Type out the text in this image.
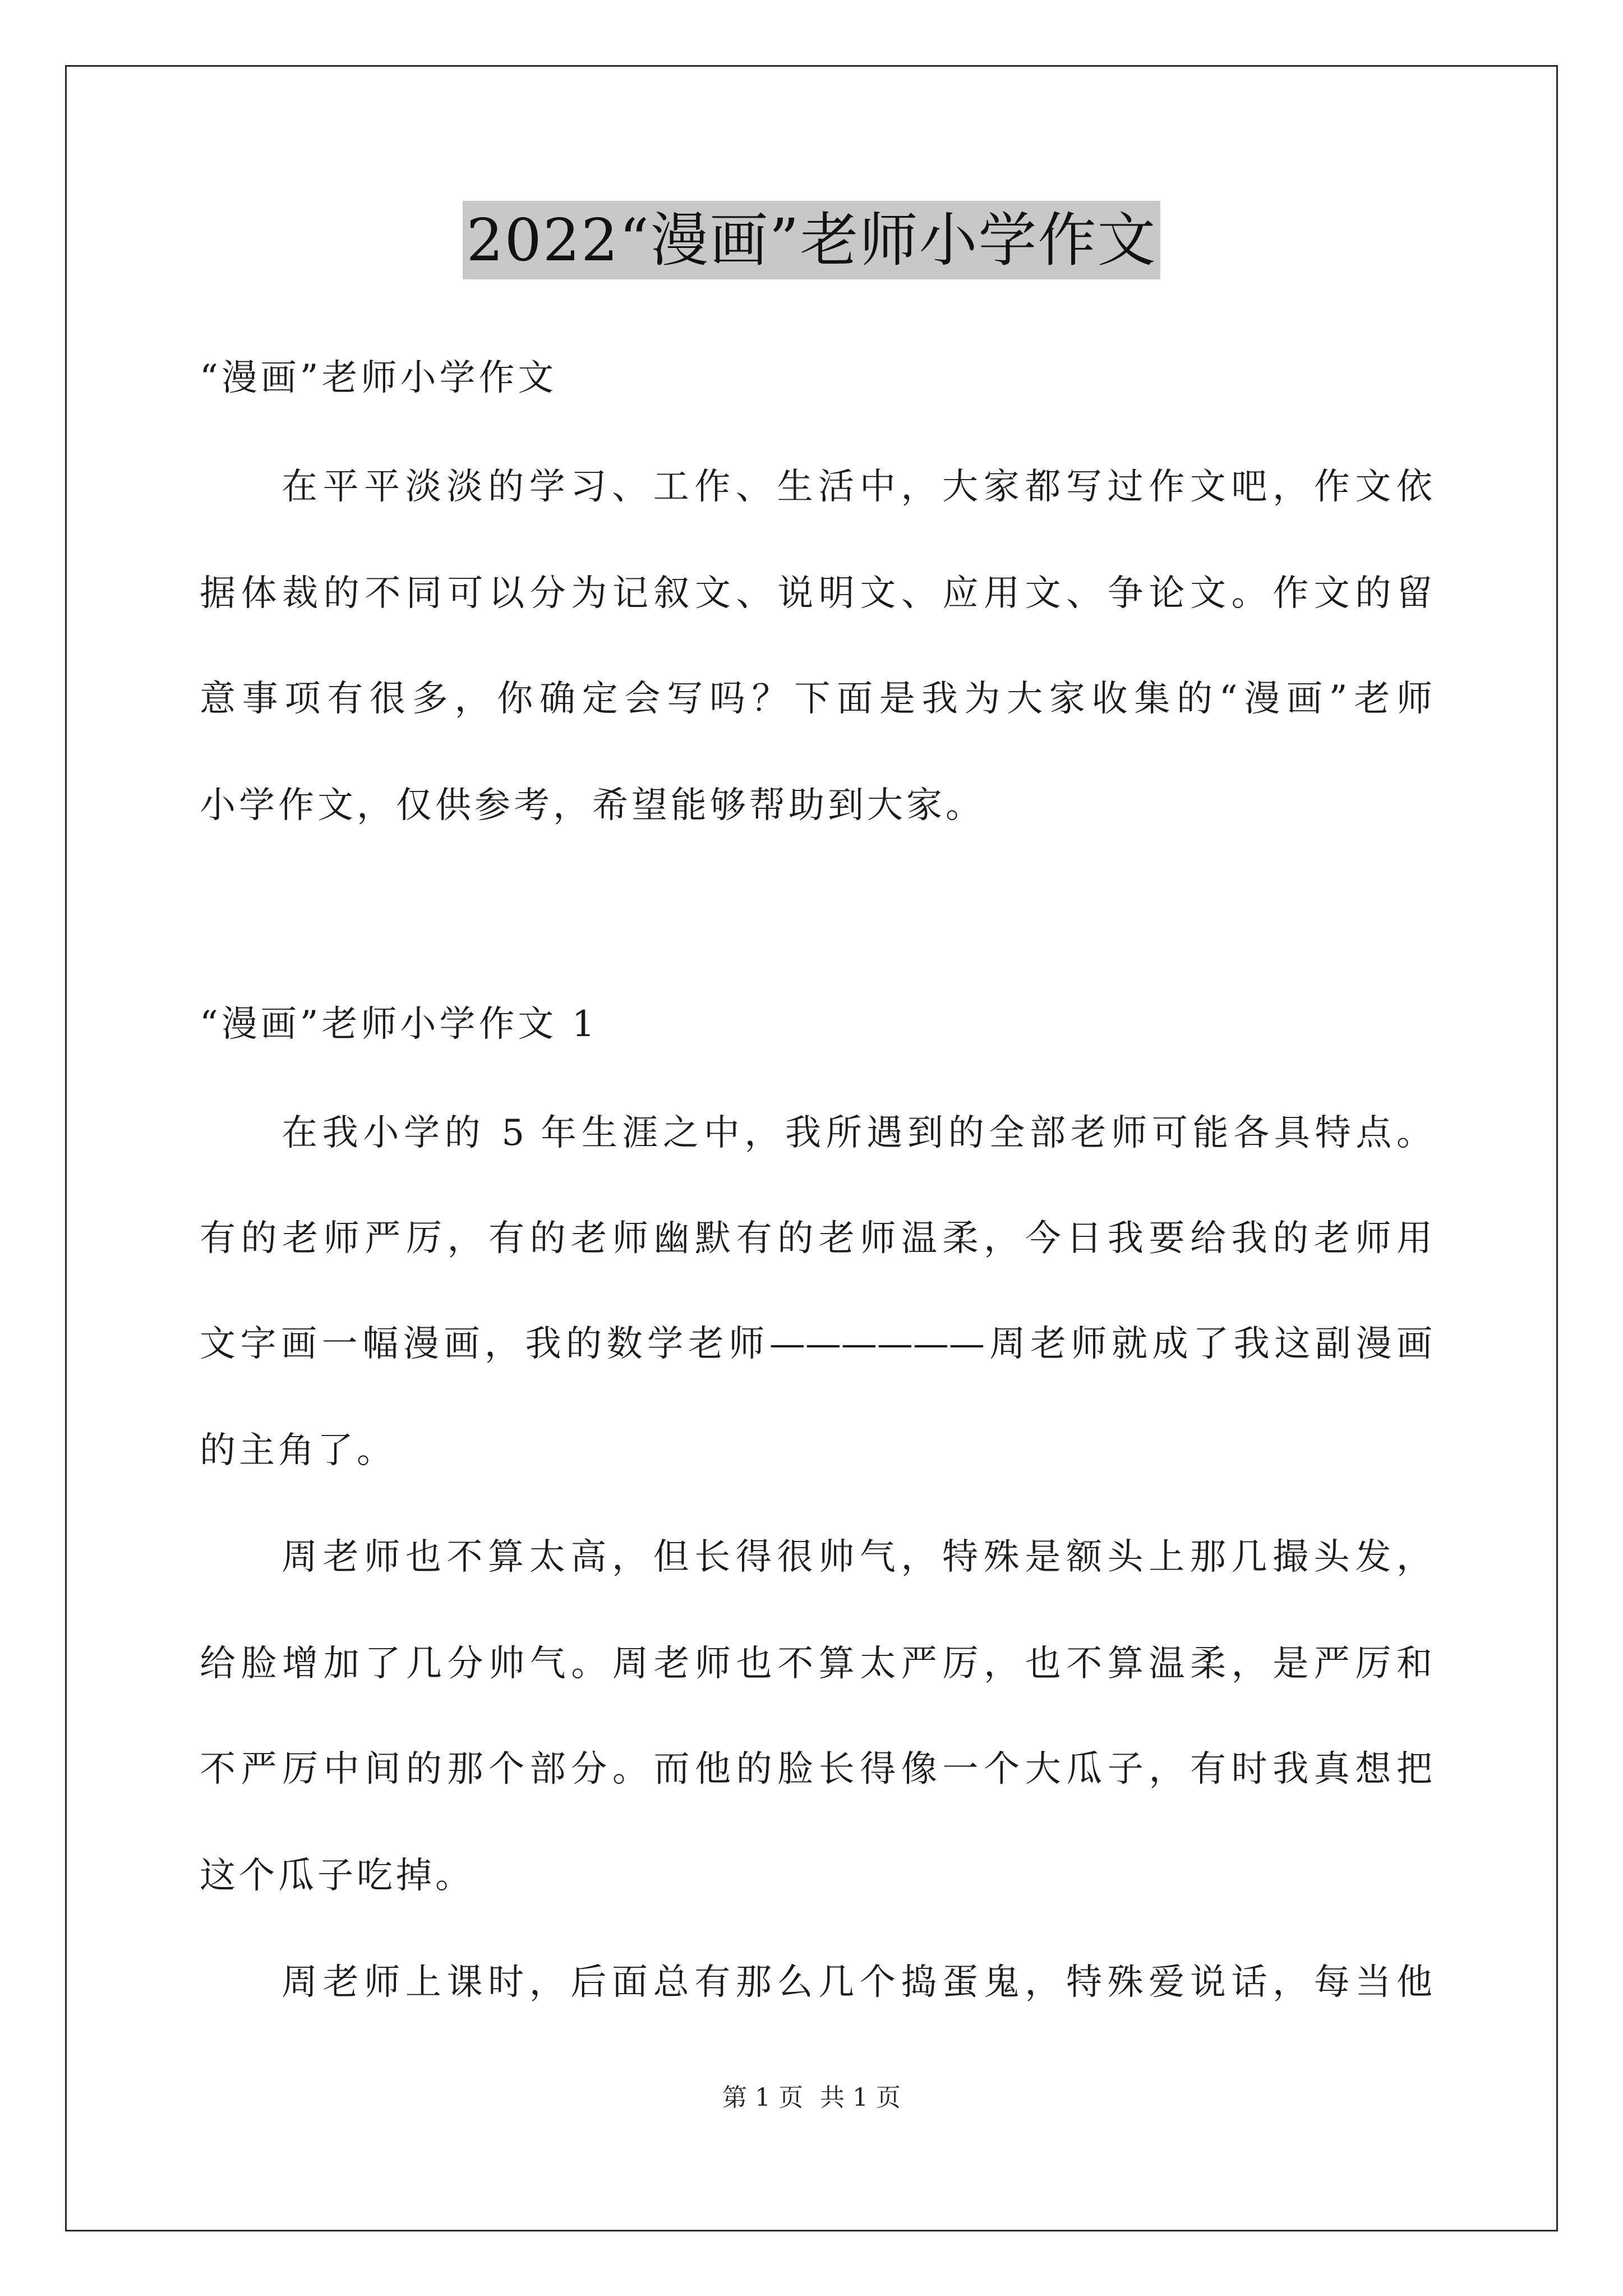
2022“漫画”老师小学作文
“漫画”老师小学作文
在平平淡淡的学习、工作、生活中，大家都写过作文吧，作文依
据体裁的不同可以分为记叙文、说明文、应用文、争论文。作文的留
意事项有很多，你确定会写吗？下面是我为大家收集的“漫画”老师
小学作文，仅供参考，希望能够帮助到大家。
“漫画”老师小学作文 1
在我小学的 5 年生涯之中，我所遇到的全部老师可能各具特点。
有的老师严厉，有的老师幽默有的老师温柔，今日我要给我的老师用
文字画一幅漫画，我的数学老师——————周老师就成了我这副漫画
的主角了。
周老师也不算太高，但长得很帅气，特殊是额头上那几撮头发，
给脸增加了几分帅气。周老师也不算太严厉，也不算温柔，是严厉和
不严厉中间的那个部分。而他的脸长得像一个大瓜子，有时我真想把
这个瓜子吃掉。
周老师上课时，后面总有那么几个捣蛋鬼，特殊爱说话，每当他
第 1 页 共 1 页
